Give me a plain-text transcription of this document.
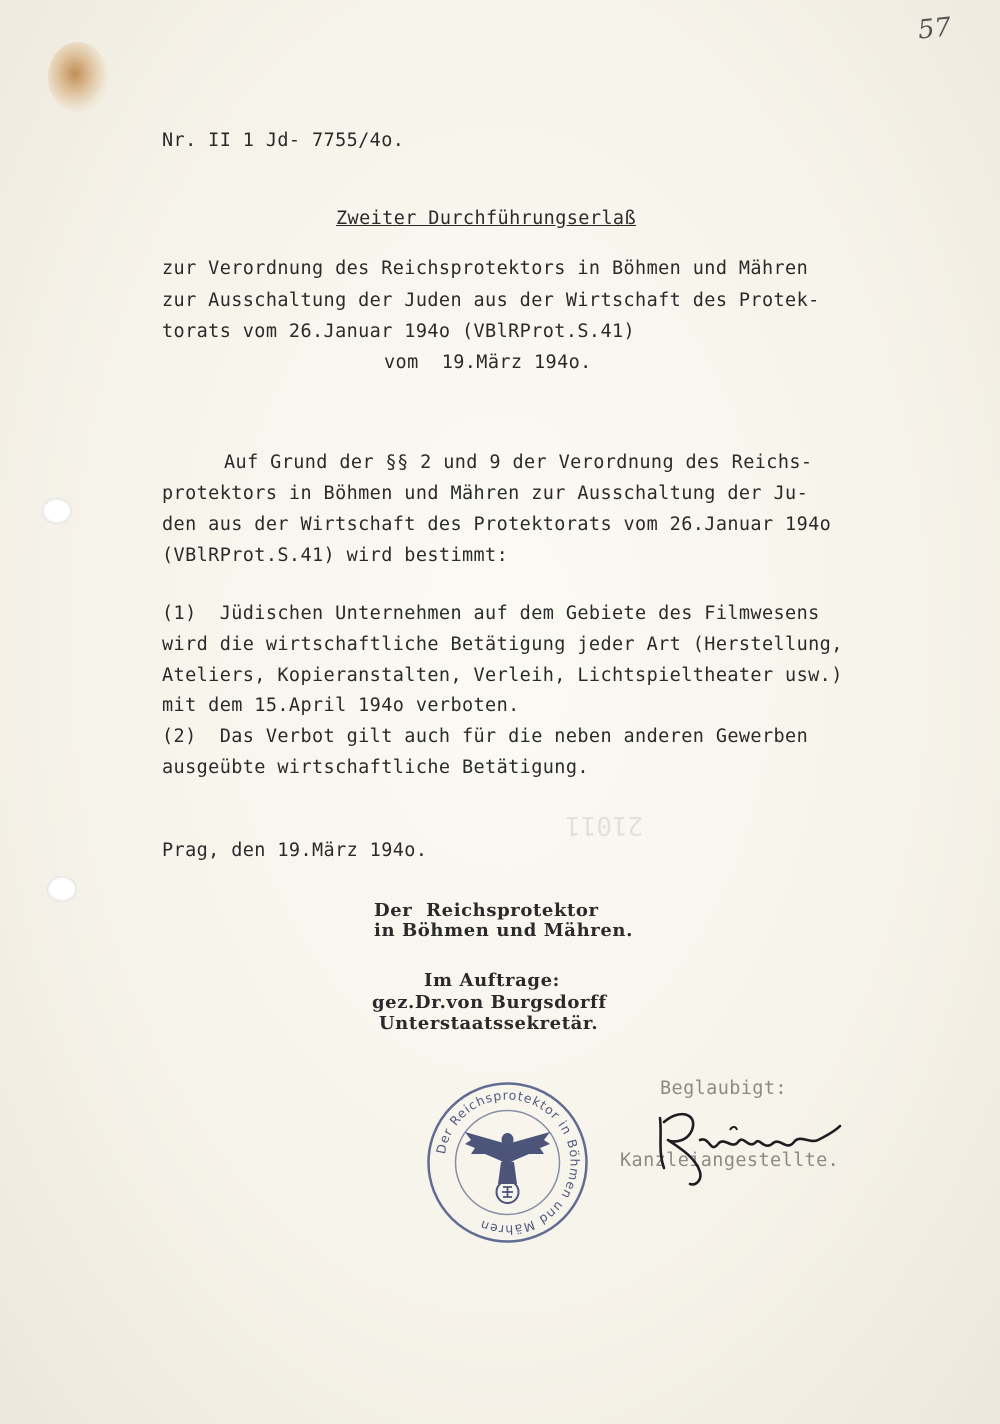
57
Nr. II 1 Jd- 7755/4o.
Zweiter Durchführungserlaß
zur Verordnung des Reichsprotektors in Böhmen und Mähren
zur Ausschaltung der Juden aus der Wirtschaft des Protek-
torats vom 26.Januar 194o (VBlRProt.S.41)
vom  19.März 194o.
Auf Grund der §§ 2 und 9 der Verordnung des Reichs-
protektors in Böhmen und Mähren zur Ausschaltung der Ju-
den aus der Wirtschaft des Protektorats vom 26.Januar 194o
(VBlRProt.S.41) wird bestimmt:
(1)  Jüdischen Unternehmen auf dem Gebiete des Filmwesens
wird die wirtschaftliche Betätigung jeder Art (Herstellung,
Ateliers, Kopieranstalten, Verleih, Lichtspieltheater usw.)
mit dem 15.April 194o verboten.
(2)  Das Verbot gilt auch für die neben anderen Gewerben
ausgeübte wirtschaftliche Betätigung.
21011
Prag, den 19.März 194o.
Der  Reichsprotektor
in Böhmen und Mähren.
Im Auftrage:
gez.Dr.von Burgsdorff
Unterstaatssekretär.
Beglaubigt:
Kanzleiangestellte.
Der Reichsprotektor in Böhmen und Mähren
